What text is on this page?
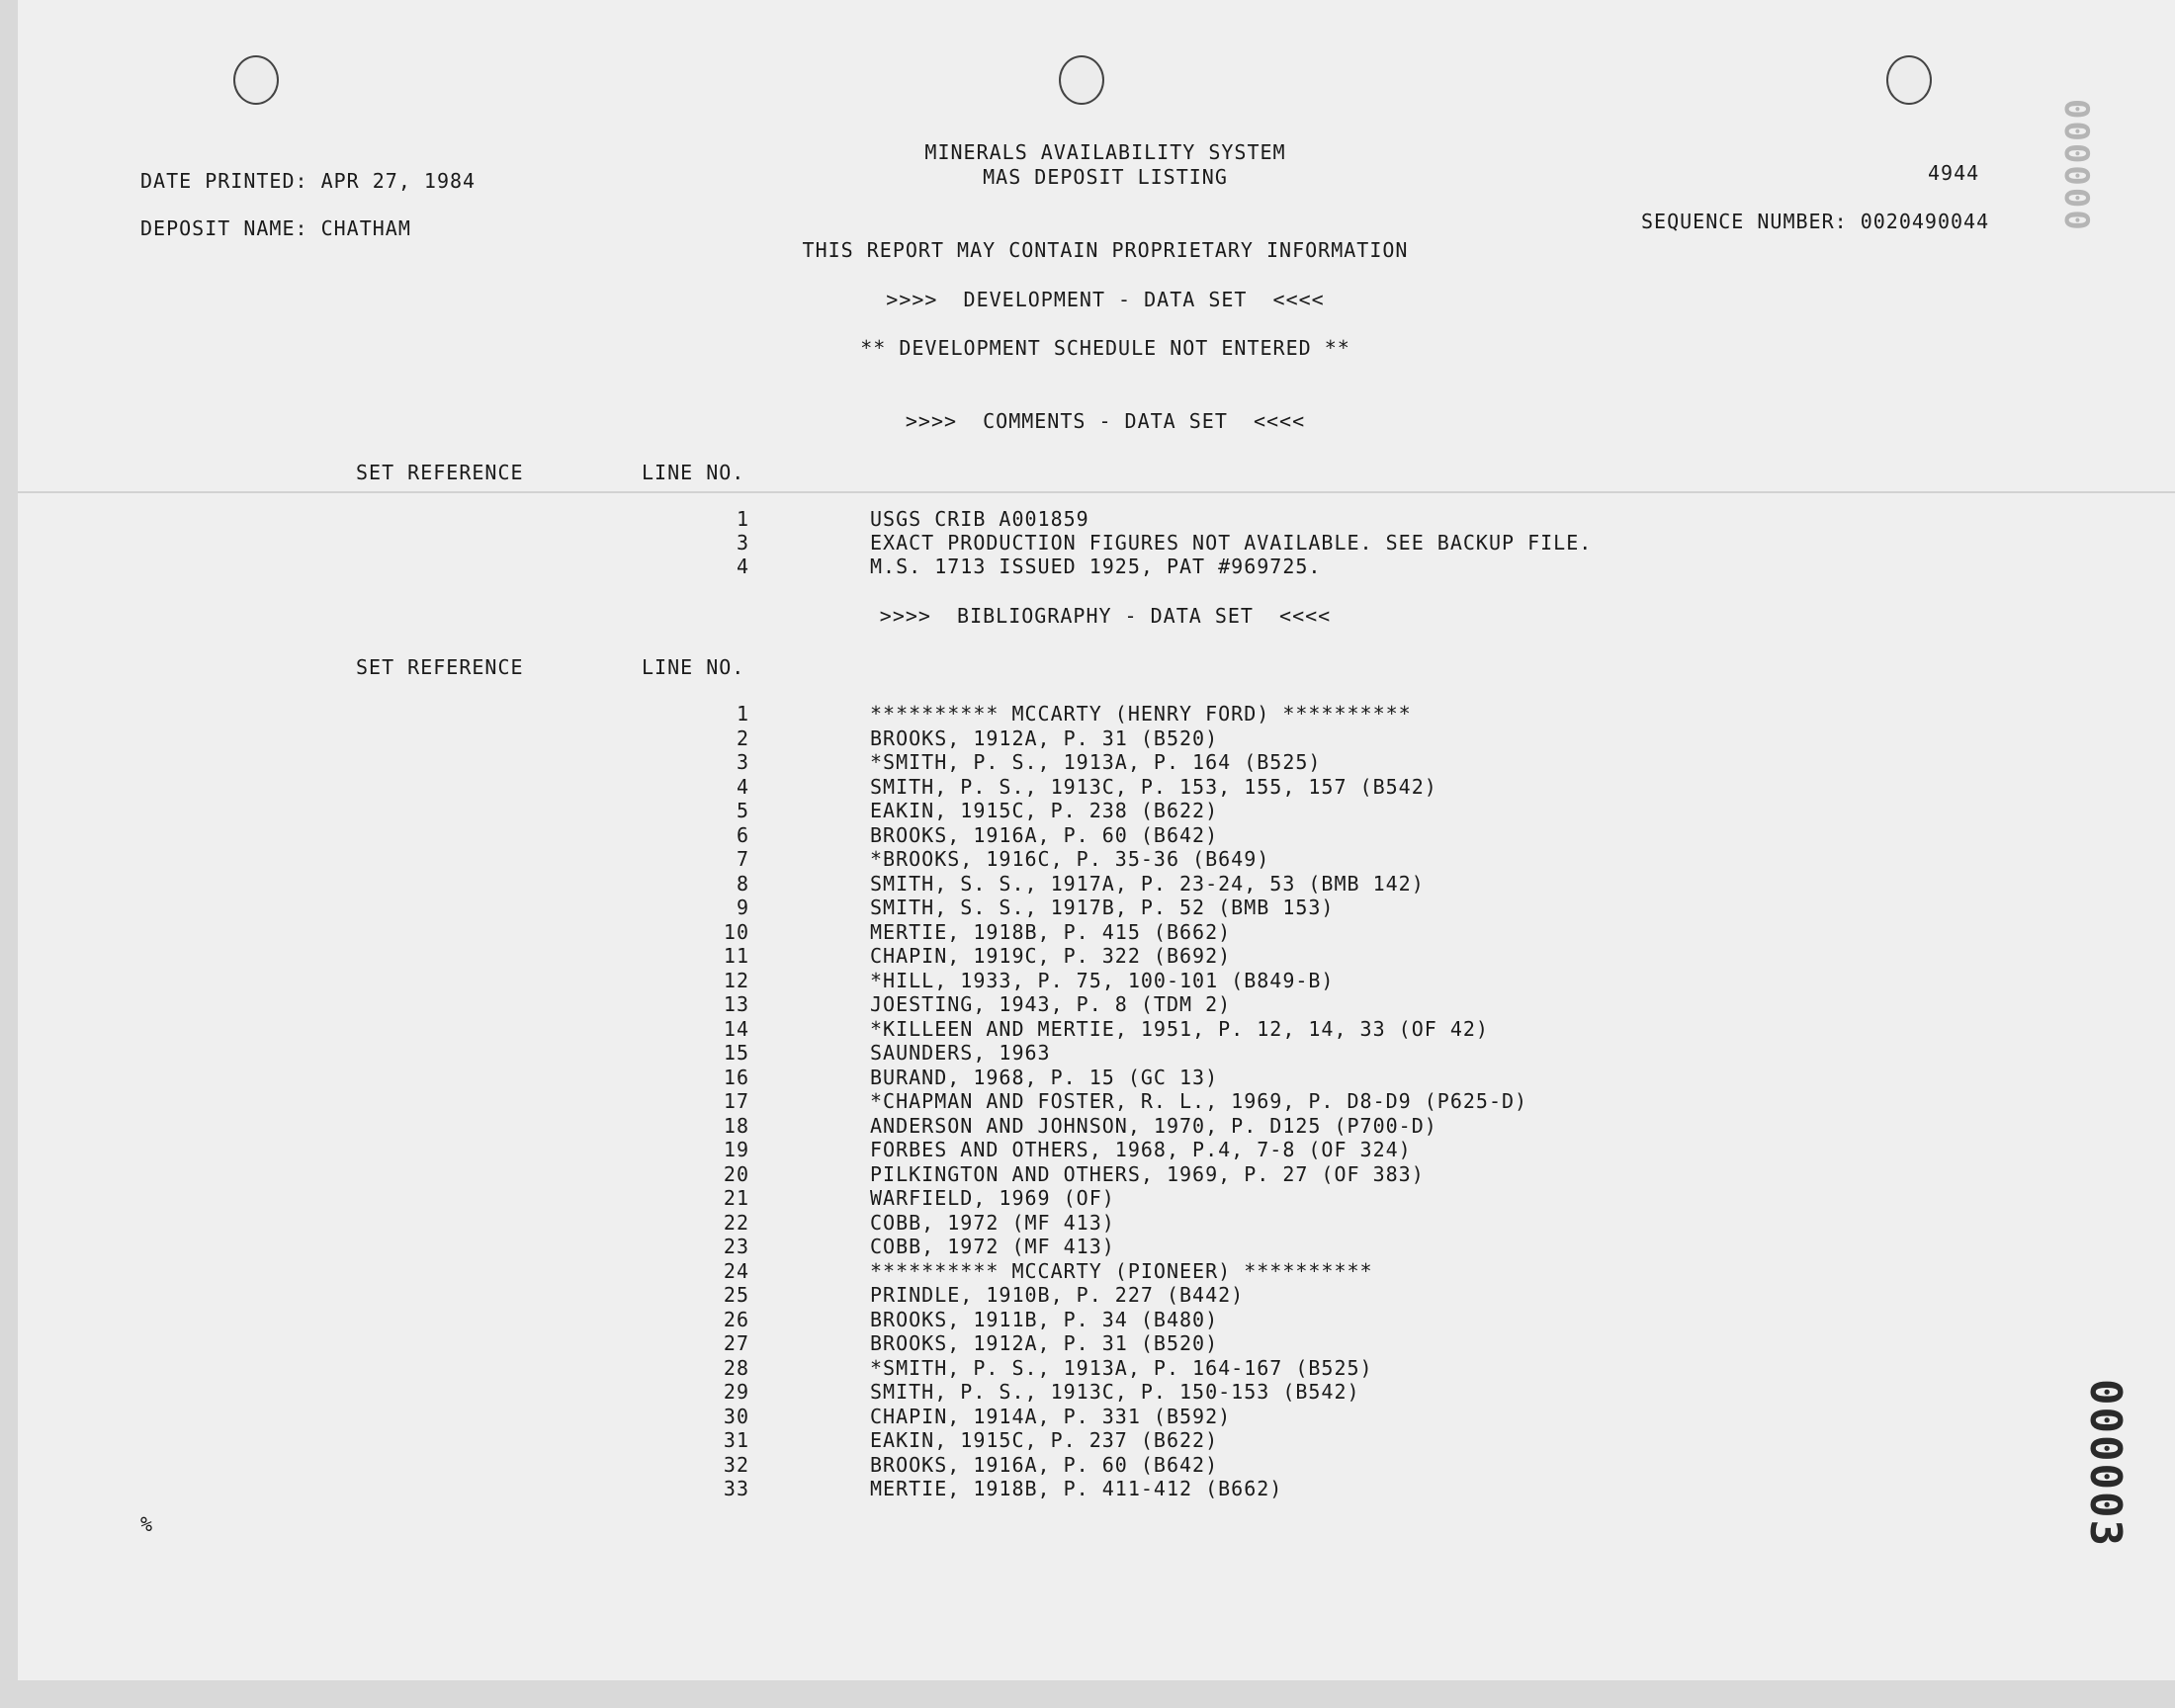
MINERALS AVAILABILITY SYSTEM
MAS DEPOSIT LISTING
DATE PRINTED: APR 27, 1984	4944
DEPOSIT NAME: CHATHAM	SEQUENCE NUMBER: 0020490044
THIS REPORT MAY CONTAIN PROPRIETARY INFORMATION
>>>>  DEVELOPMENT - DATA SET  <<<<
** DEVELOPMENT SCHEDULE NOT ENTERED **
>>>>  COMMENTS - DATA SET  <<<<
SET REFERENCE	LINE NO.
1	USGS CRIB A001859
3	EXACT PRODUCTION FIGURES NOT AVAILABLE. SEE BACKUP FILE.
4	M.S. 1713 ISSUED 1925, PAT #969725.
>>>>  BIBLIOGRAPHY - DATA SET  <<<<
SET REFERENCE	LINE NO.
1	********** MCCARTY (HENRY FORD) **********
2	BROOKS, 1912A, P. 31 (B520)
3	*SMITH, P. S., 1913A, P. 164 (B525)
4	SMITH, P. S., 1913C, P. 153, 155, 157 (B542)
5	EAKIN, 1915C, P. 238 (B622)
6	BROOKS, 1916A, P. 60 (B642)
7	*BROOKS, 1916C, P. 35-36 (B649)
8	SMITH, S. S., 1917A, P. 23-24, 53 (BMB 142)
9	SMITH, S. S., 1917B, P. 52 (BMB 153)
10	MERTIE, 1918B, P. 415 (B662)
11	CHAPIN, 1919C, P. 322 (B692)
12	*HILL, 1933, P. 75, 100-101 (B849-B)
13	JOESTING, 1943, P. 8 (TDM 2)
14	*KILLEEN AND MERTIE, 1951, P. 12, 14, 33 (OF 42)
15	SAUNDERS, 1963
16	BURAND, 1968, P. 15 (GC 13)
17	*CHAPMAN AND FOSTER, R. L., 1969, P. D8-D9 (P625-D)
18	ANDERSON AND JOHNSON, 1970, P. D125 (P700-D)
19	FORBES AND OTHERS, 1968, P.4, 7-8 (OF 324)
20	PILKINGTON AND OTHERS, 1969, P. 27 (OF 383)
21	WARFIELD, 1969 (OF)
22	COBB, 1972 (MF 413)
23	COBB, 1972 (MF 413)
24	********** MCCARTY (PIONEER) **********
25	PRINDLE, 1910B, P. 227 (B442)
26	BROOKS, 1911B, P. 34 (B480)
27	BROOKS, 1912A, P. 31 (B520)
28	*SMITH, P. S., 1913A, P. 164-167 (B525)
29	SMITH, P. S., 1913C, P. 150-153 (B542)
30	CHAPIN, 1914A, P. 331 (B592)
31	EAKIN, 1915C, P. 237 (B622)
32	BROOKS, 1916A, P. 60 (B642)
33	MERTIE, 1918B, P. 411-412 (B662)
%
000000
000003
